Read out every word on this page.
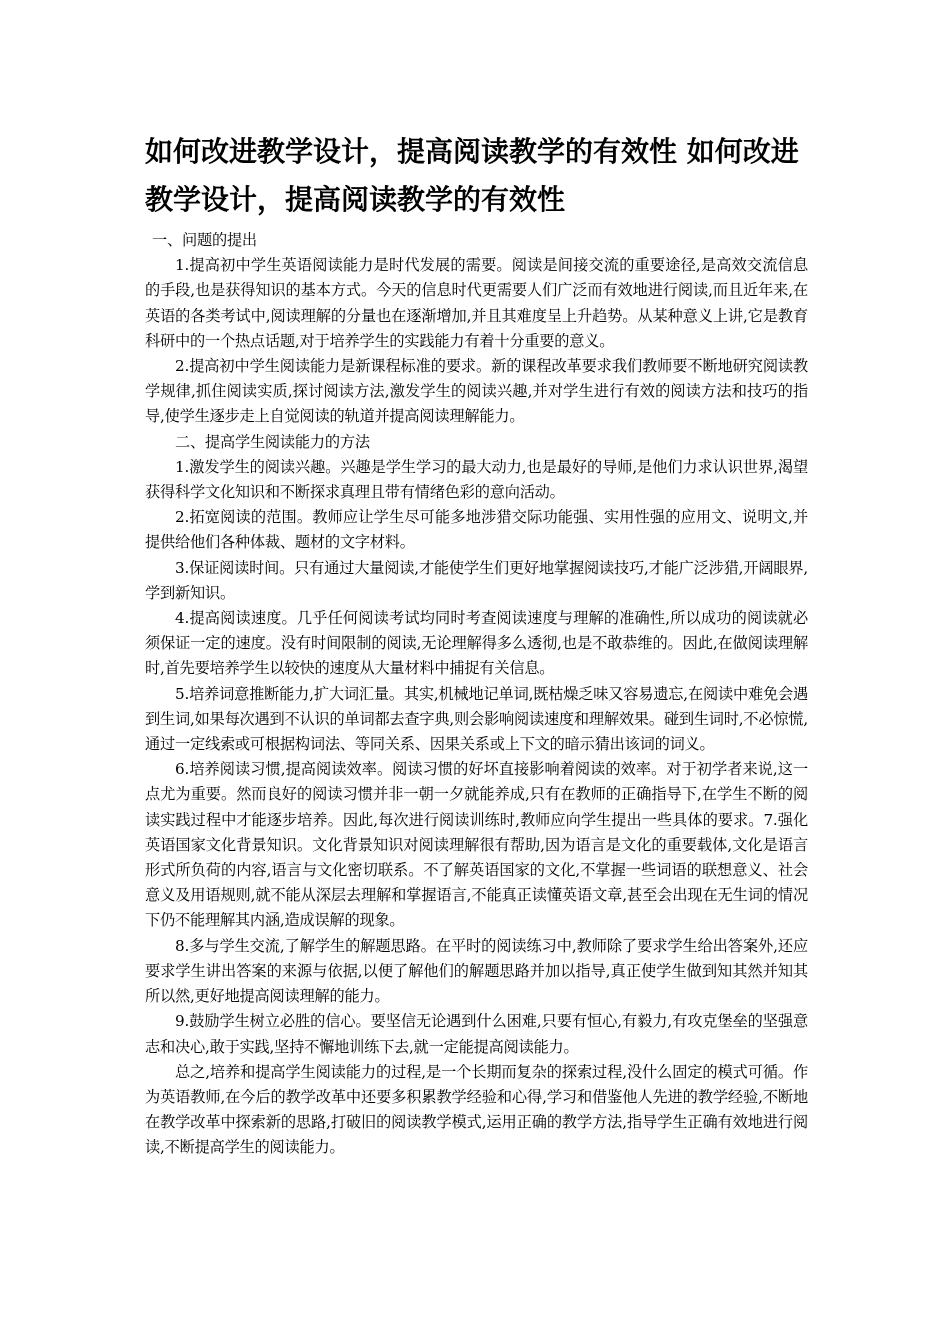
如何改进教学设计，提高阅读教学的有效性 如何改进教学设计，提高阅读教学的有效性

一、问题的提出

1.提高初中学生英语阅读能力是时代发展的需要。阅读是间接交流的重要途径,是高效交流信息的手段,也是获得知识的基本方式。今天的信息时代更需要人们广泛而有效地进行阅读,而且近年来,在英语的各类考试中,阅读理解的分量也在逐渐增加,并且其难度呈上升趋势。从某种意义上讲,它是教育科研中的一个热点话题,对于培养学生的实践能力有着十分重要的意义。

2.提高初中学生阅读能力是新课程标准的要求。新的课程改革要求我们教师要不断地研究阅读教学规律,抓住阅读实质,探讨阅读方法,激发学生的阅读兴趣,并对学生进行有效的阅读方法和技巧的指导,使学生逐步走上自觉阅读的轨道并提高阅读理解能力。

二、提高学生阅读能力的方法

1.激发学生的阅读兴趣。兴趣是学生学习的最大动力,也是最好的导师,是他们力求认识世界,渴望获得科学文化知识和不断探求真理且带有情绪色彩的意向活动。

2.拓宽阅读的范围。教师应让学生尽可能多地涉猎交际功能强、实用性强的应用文、说明文,并提供给他们各种体裁、题材的文字材料。

3.保证阅读时间。只有通过大量阅读,才能使学生们更好地掌握阅读技巧,才能广泛涉猎,开阔眼界,学到新知识。

4.提高阅读速度。几乎任何阅读考试均同时考查阅读速度与理解的准确性,所以成功的阅读就必须保证一定的速度。没有时间限制的阅读,无论理解得多么透彻,也是不敢恭维的。因此,在做阅读理解时,首先要培养学生以较快的速度从大量材料中捕捉有关信息。

5.培养词意推断能力,扩大词汇量。其实,机械地记单词,既枯燥乏味又容易遗忘,在阅读中难免会遇到生词,如果每次遇到不认识的单词都去查字典,则会影响阅读速度和理解效果。碰到生词时,不必惊慌,通过一定线索或可根据构词法、等同关系、因果关系或上下文的暗示猜出该词的词义。

6.培养阅读习惯,提高阅读效率。阅读习惯的好坏直接影响着阅读的效率。对于初学者来说,这一点尤为重要。然而良好的阅读习惯并非一朝一夕就能养成,只有在教师的正确指导下,在学生不断的阅读实践过程中才能逐步培养。因此,每次进行阅读训练时,教师应向学生提出一些具体的要求。7.强化英语国家文化背景知识。文化背景知识对阅读理解很有帮助,因为语言是文化的重要载体,文化是语言形式所负荷的内容,语言与文化密切联系。不了解英语国家的文化,不掌握一些词语的联想意义、社会意义及用语规则,就不能从深层去理解和掌握语言,不能真正读懂英语文章,甚至会出现在无生词的情况下仍不能理解其内涵,造成误解的现象。

8.多与学生交流,了解学生的解题思路。在平时的阅读练习中,教师除了要求学生给出答案外,还应要求学生讲出答案的来源与依据,以便了解他们的解题思路并加以指导,真正使学生做到知其然并知其所以然,更好地提高阅读理解的能力。

9.鼓励学生树立必胜的信心。要坚信无论遇到什么困难,只要有恒心,有毅力,有攻克堡垒的坚强意志和决心,敢于实践,坚持不懈地训练下去,就一定能提高阅读能力。

总之,培养和提高学生阅读能力的过程,是一个长期而复杂的探索过程,没什么固定的模式可循。作为英语教师,在今后的教学改革中还要多积累教学经验和心得,学习和借鉴他人先进的教学经验,不断地在教学改革中探索新的思路,打破旧的阅读教学模式,运用正确的教学方法,指导学生正确有效地进行阅读,不断提高学生的阅读能力。
